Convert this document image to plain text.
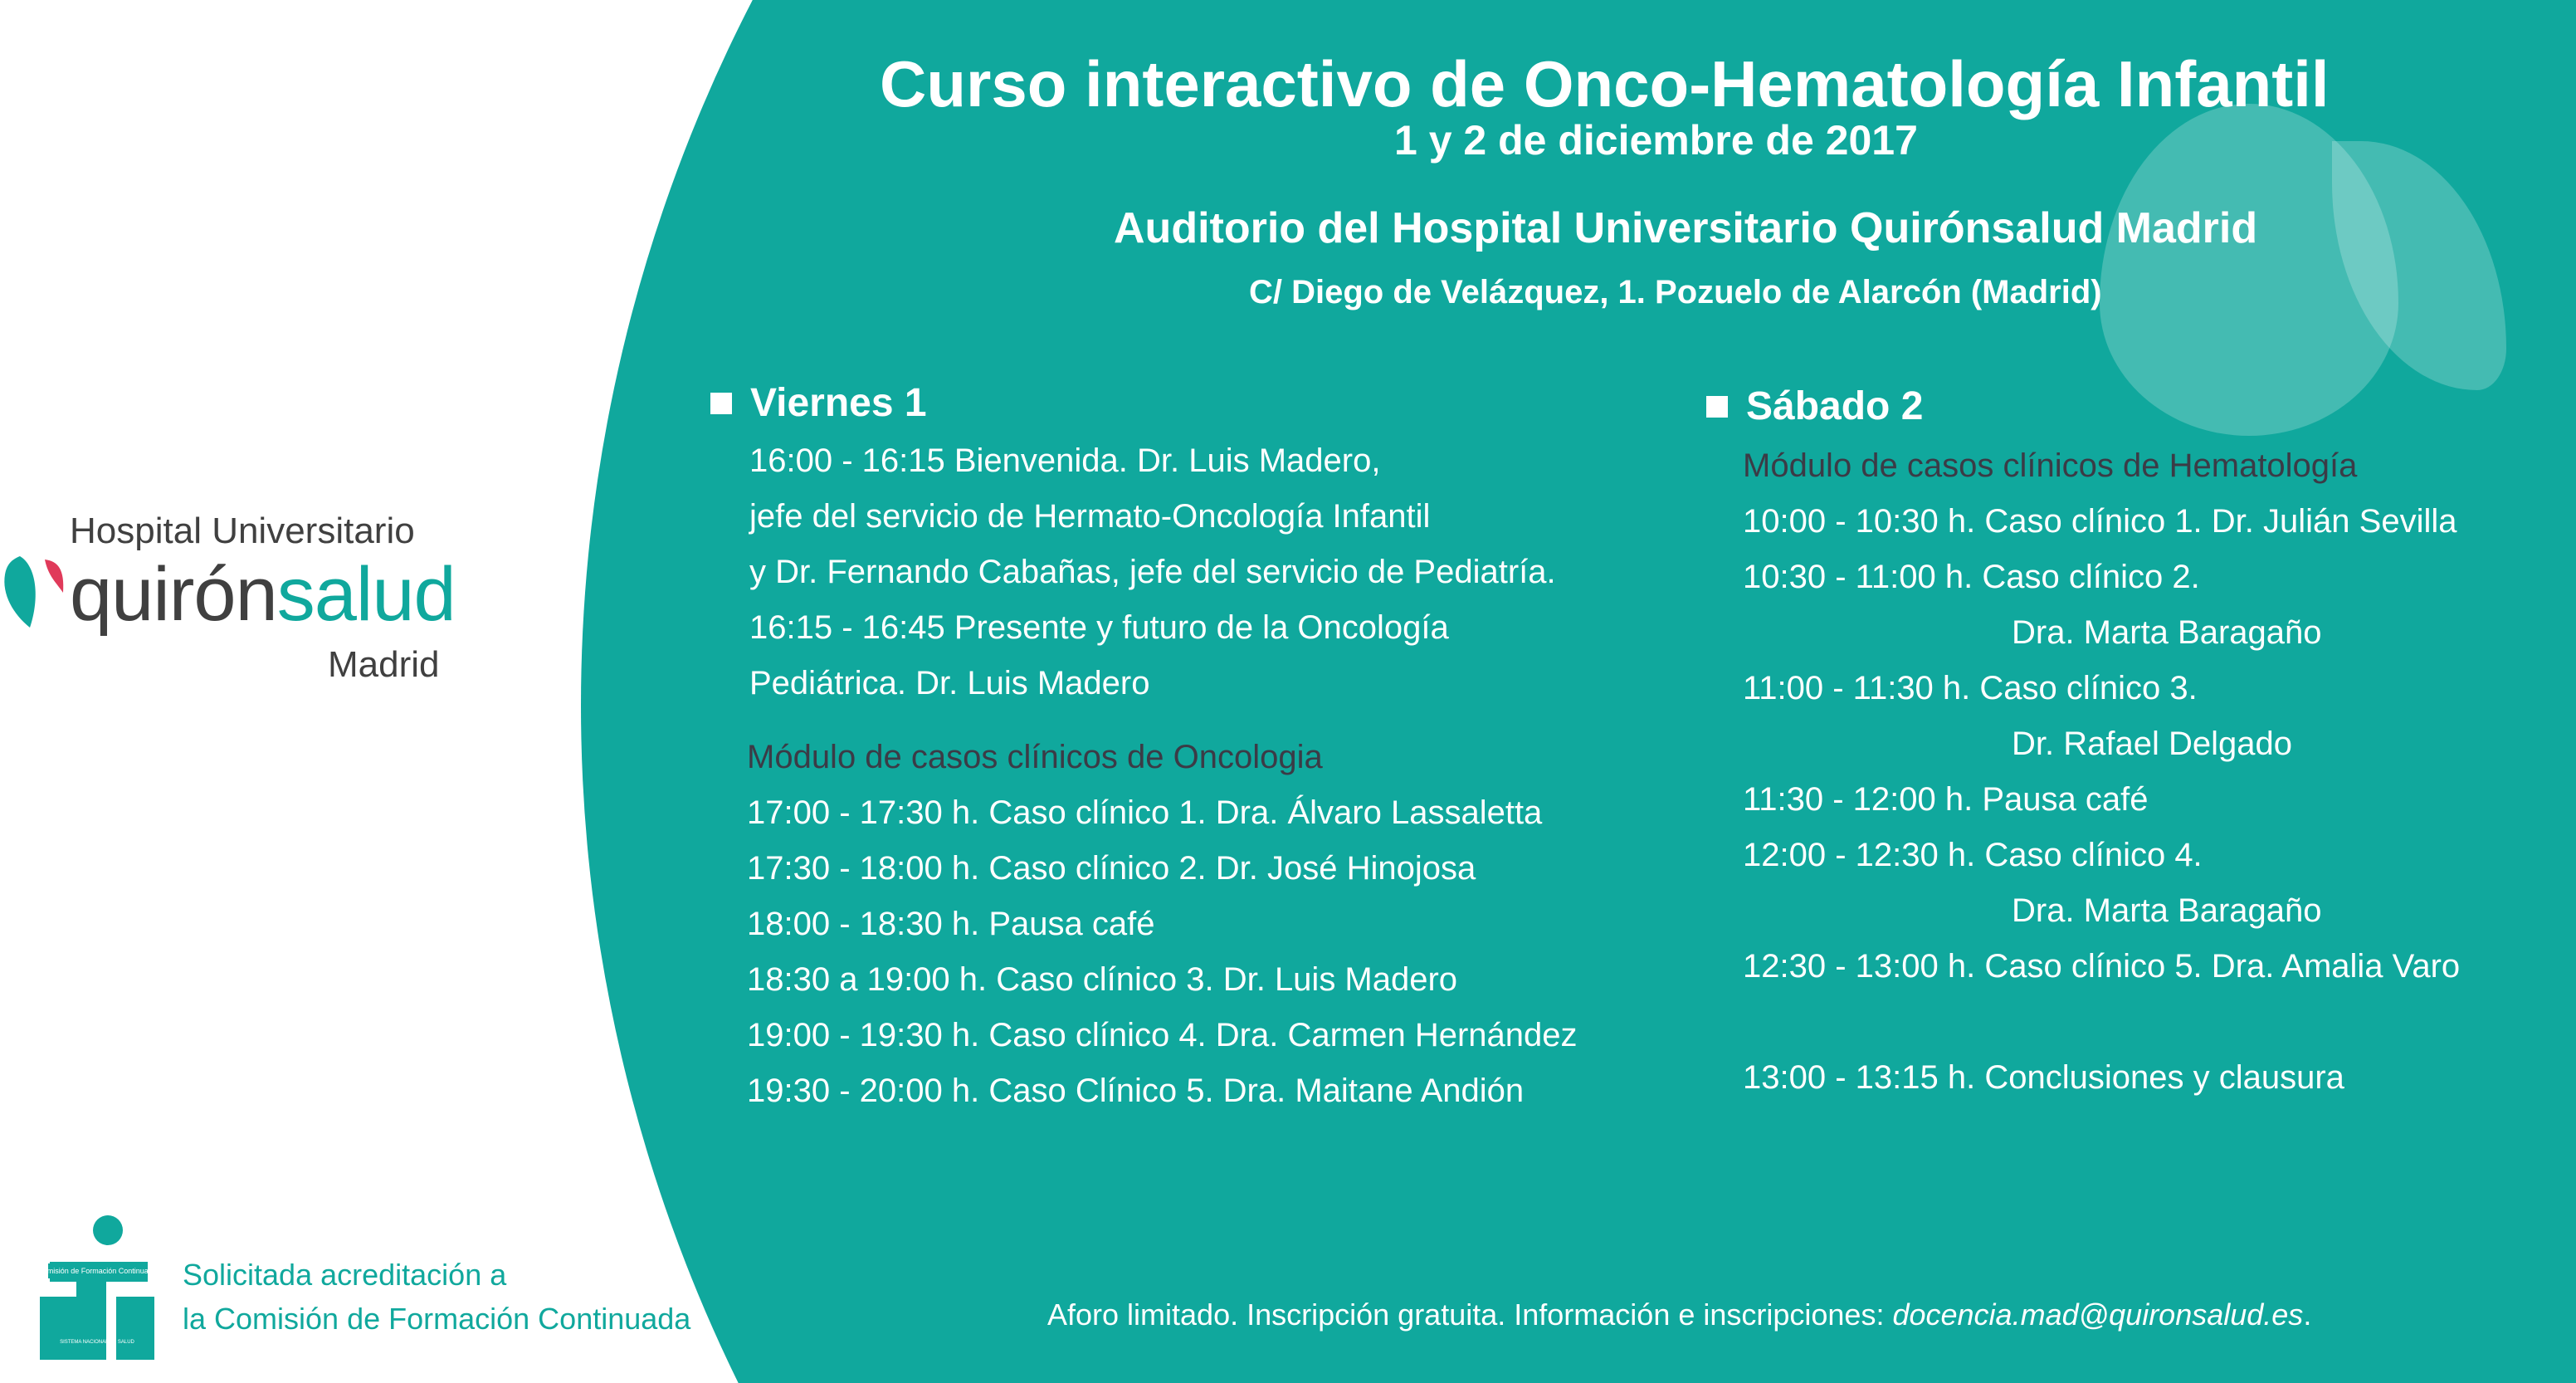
Curso interactivo de Onco-Hematología Infantil
1 y 2 de diciembre de 2017
Auditorio del Hospital Universitario Quirónsalud Madrid
C/ Diego de Velázquez, 1. Pozuelo de Alarcón (Madrid)
Viernes 1
16:00 - 16:15 Bienvenida. Dr. Luis Madero,
jefe del servicio de Hermato-Oncología Infantil
y Dr. Fernando Cabañas, jefe del servicio de Pediatría.
16:15 - 16:45 Presente y futuro de la Oncología
Pediátrica. Dr. Luis Madero
Módulo de casos clínicos de Oncologia
17:00 - 17:30 h. Caso clínico 1. Dra. Álvaro Lassaletta
17:30 - 18:00 h. Caso clínico 2. Dr. José Hinojosa
18:00 - 18:30 h. Pausa café
18:30 a 19:00 h. Caso clínico 3. Dr. Luis Madero
19:00 - 19:30 h. Caso clínico 4. Dra. Carmen Hernández
19:30 - 20:00 h. Caso Clínico 5. Dra. Maitane Andión
Sábado 2
Módulo de casos clínicos de Hematología
10:00 - 10:30 h. Caso clínico 1. Dr. Julián Sevilla
10:30 - 11:00 h. Caso clínico 2.
Dra. Marta Baragaño
11:00 - 11:30 h. Caso clínico 3.
Dr. Rafael Delgado
11:30 - 12:00 h. Pausa café
12:00 - 12:30 h. Caso clínico 4.
Dra. Marta Baragaño
12:30 - 13:00 h. Caso clínico 5. Dra. Amalia Varo
13:00 - 13:15 h. Conclusiones y clausura
Hospital Universitario
quirónsalud
Madrid
Comisión de Formación Continuada
SISTEMA NACIONAL DE SALUD
Solicitada acreditación a
la Comisión de Formación Continuada	Aforo limitado. Inscripción gratuita. Información e inscripciones: docencia.mad@quironsalud.es.
